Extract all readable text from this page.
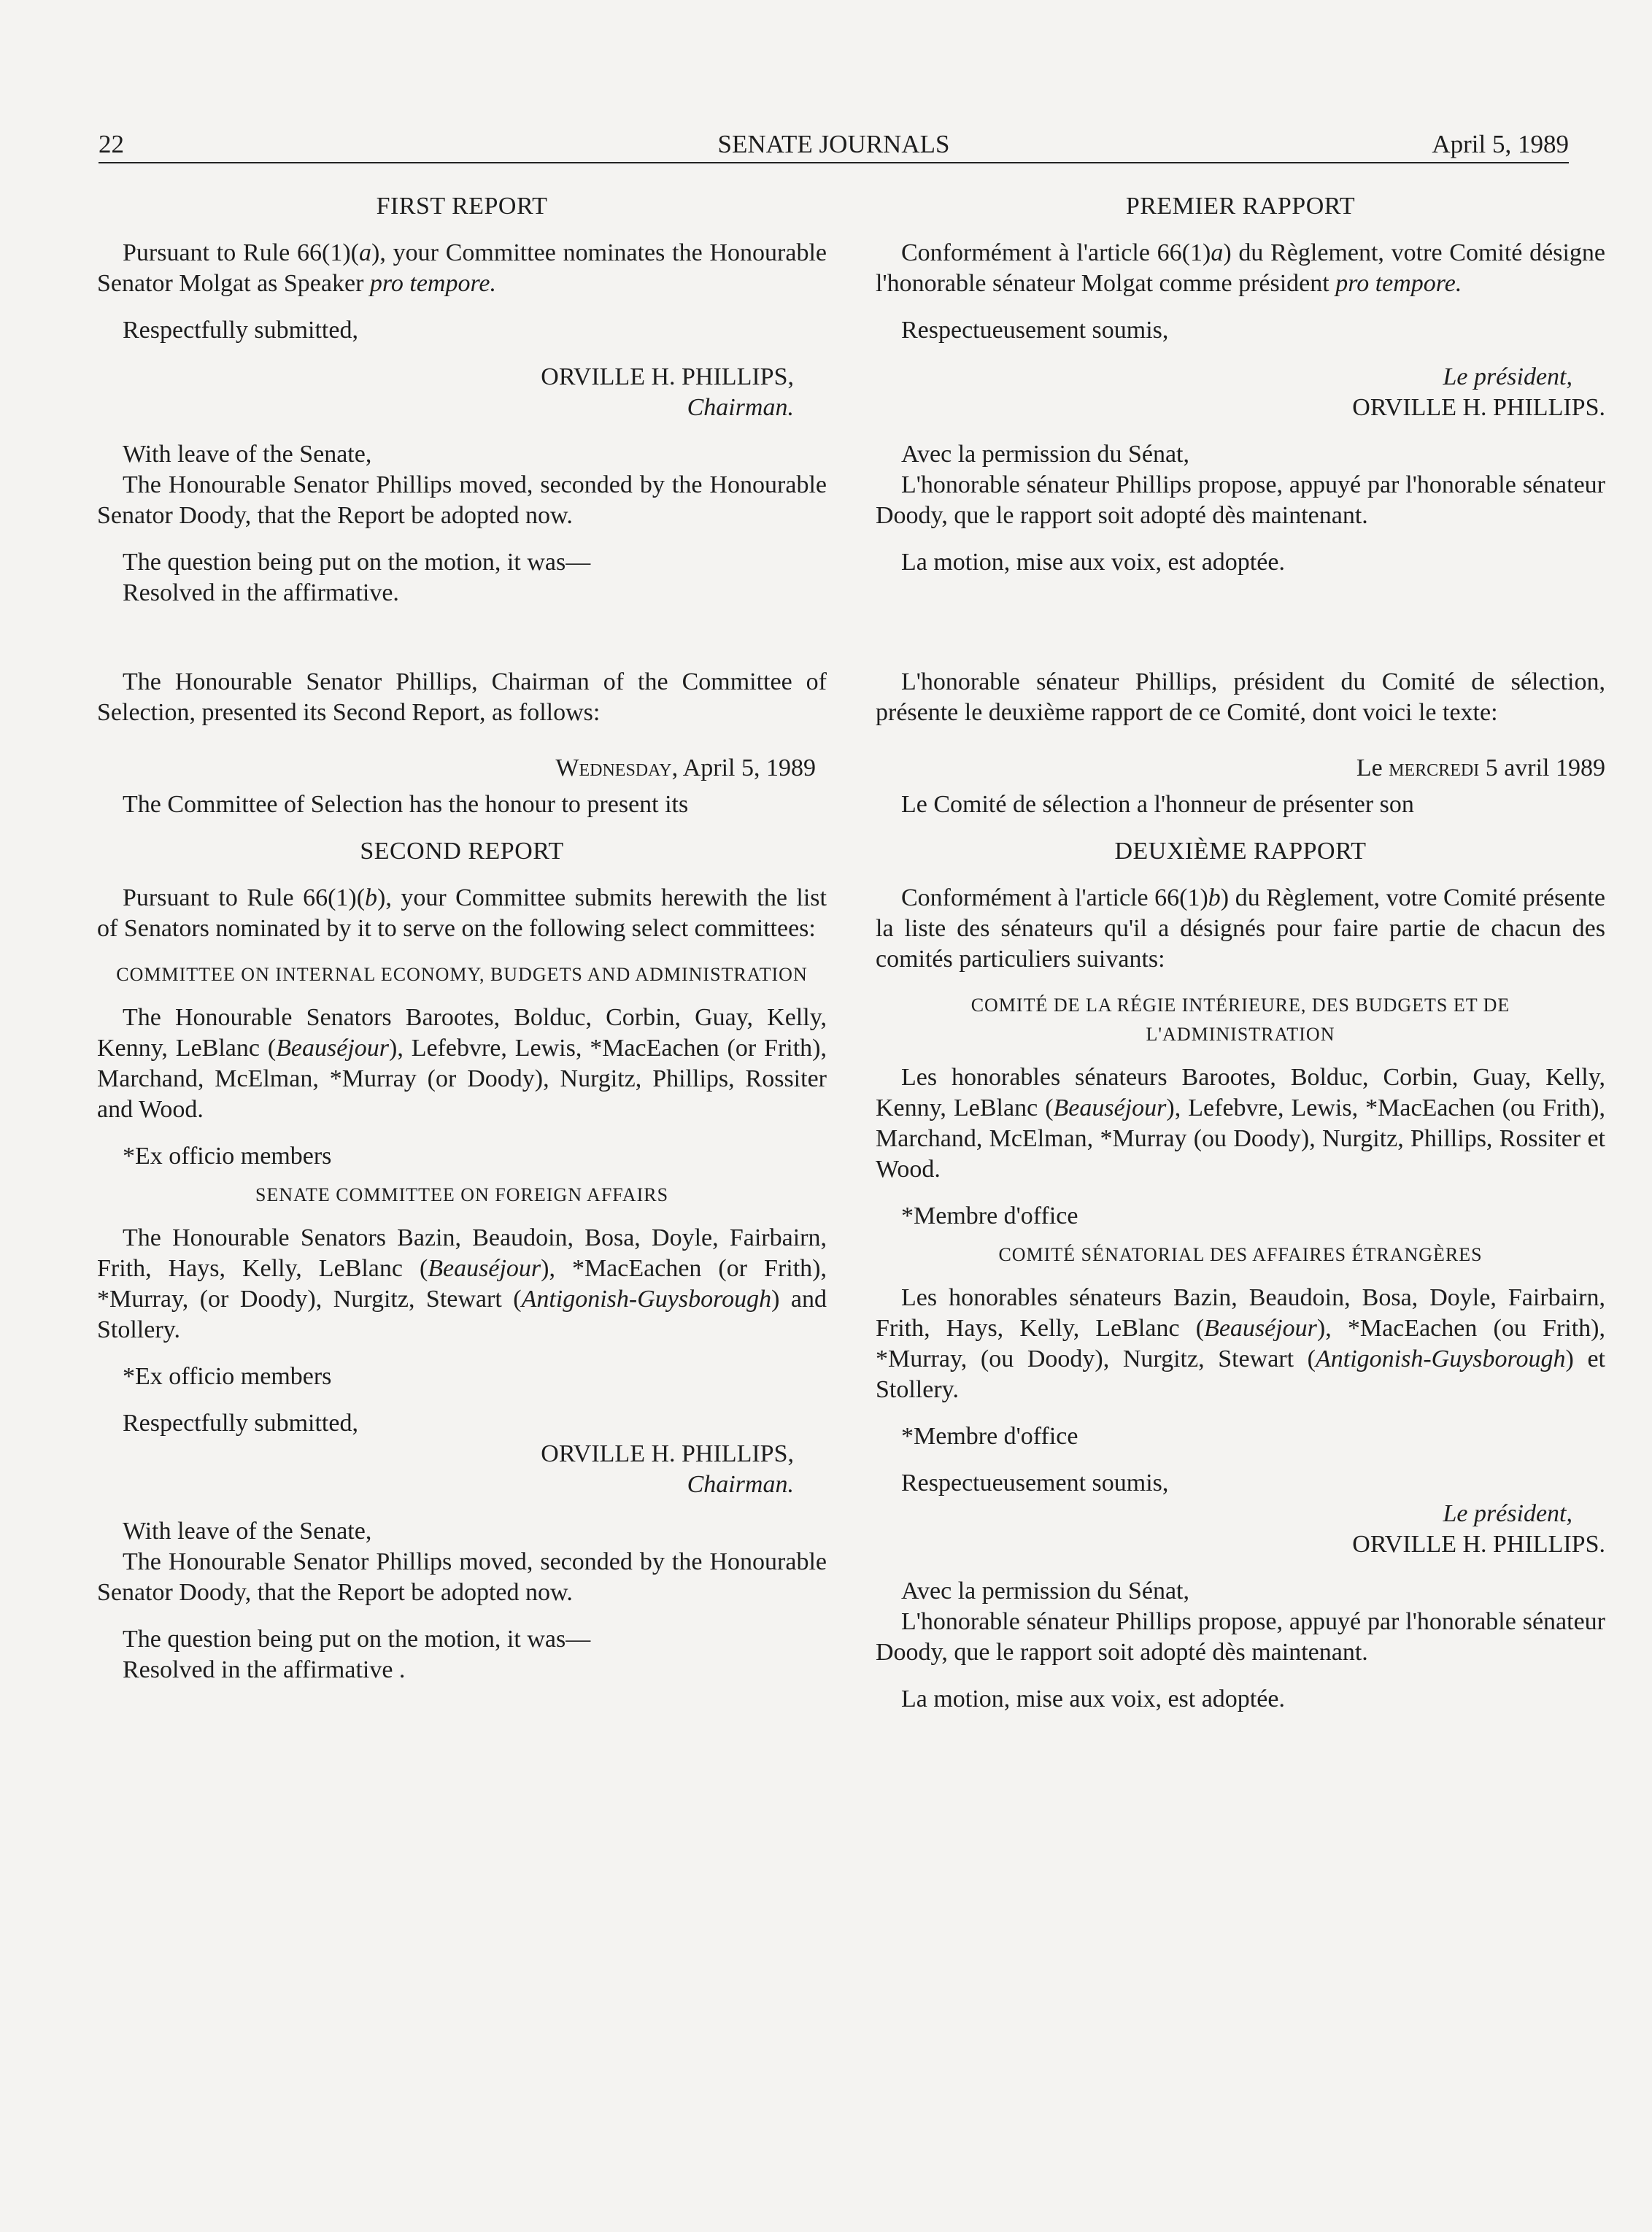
22	SENATE JOURNALS	April 5, 1989
FIRST REPORT

Pursuant to Rule 66(1)(a), your Committee nominates the Honourable Senator Molgat as Speaker pro tempore.

Respectfully submitted,

ORVILLE H. PHILLIPS,
Chairman.

With leave of the Senate,

The Honourable Senator Phillips moved, seconded by the Honourable Senator Doody, that the Report be adopted now.

The question being put on the motion, it was—

Resolved in the affirmative.

The Honourable Senator Phillips, Chairman of the Committee of Selection, presented its Second Report, as follows:

Wednesday, April 5, 1989

The Committee of Selection has the honour to present its

SECOND REPORT

Pursuant to Rule 66(1)(b), your Committee submits herewith the list of Senators nominated by it to serve on the following select committees:

COMMITTEE ON INTERNAL ECONOMY, BUDGETS AND ADMINISTRATION

The Honourable Senators Barootes, Bolduc, Corbin, Guay, Kelly, Kenny, LeBlanc (Beauséjour), Lefebvre, Lewis, *MacEachen (or Frith), Marchand, McElman, *Murray (or Doody), Nurgitz, Phillips, Rossiter and Wood.

*Ex officio members

SENATE COMMITTEE ON FOREIGN AFFAIRS

The Honourable Senators Bazin, Beaudoin, Bosa, Doyle, Fairbairn, Frith, Hays, Kelly, LeBlanc (Beauséjour), *MacEachen (or Frith), *Murray, (or Doody), Nurgitz, Stewart (Antigonish-Guysborough) and Stollery.

*Ex officio members

Respectfully submitted,

ORVILLE H. PHILLIPS,
Chairman.

With leave of the Senate,

The Honourable Senator Phillips moved, seconded by the Honourable Senator Doody, that the Report be adopted now.

The question being put on the motion, it was—

Resolved in the affirmative .

PREMIER RAPPORT

Conformément à l'article 66(1)a) du Règlement, votre Comité désigne l'honorable sénateur Molgat comme président pro tempore.

Respectueusement soumis,

Le président,
ORVILLE H. PHILLIPS.

Avec la permission du Sénat,

L'honorable sénateur Phillips propose, appuyé par l'honorable sénateur Doody, que le rapport soit adopté dès maintenant.

La motion, mise aux voix, est adoptée.

L'honorable sénateur Phillips, président du Comité de sélection, présente le deuxième rapport de ce Comité, dont voici le texte:

Le mercredi 5 avril 1989

Le Comité de sélection a l'honneur de présenter son

DEUXIÈME RAPPORT

Conformément à l'article 66(1)b) du Règlement, votre Comité présente la liste des sénateurs qu'il a désignés pour faire partie de chacun des comités particuliers suivants:

COMITÉ DE LA RÉGIE INTÉRIEURE, DES BUDGETS ET DE L'ADMINISTRATION

Les honorables sénateurs Barootes, Bolduc, Corbin, Guay, Kelly, Kenny, LeBlanc (Beauséjour), Lefebvre, Lewis, *MacEachen (ou Frith), Marchand, McElman, *Murray (ou Doody), Nurgitz, Phillips, Rossiter et Wood.

*Membre d'office

COMITÉ SÉNATORIAL DES AFFAIRES ÉTRANGÈRES

Les honorables sénateurs Bazin, Beaudoin, Bosa, Doyle, Fairbairn, Frith, Hays, Kelly, LeBlanc (Beauséjour), *MacEachen (ou Frith), *Murray, (ou Doody), Nurgitz, Stewart (Antigonish-Guysborough) et Stollery.

*Membre d'office

Respectueusement soumis,

Le président,
ORVILLE H. PHILLIPS.

Avec la permission du Sénat,

L'honorable sénateur Phillips propose, appuyé par l'honorable sénateur Doody, que le rapport soit adopté dès maintenant.

La motion, mise aux voix, est adoptée.
